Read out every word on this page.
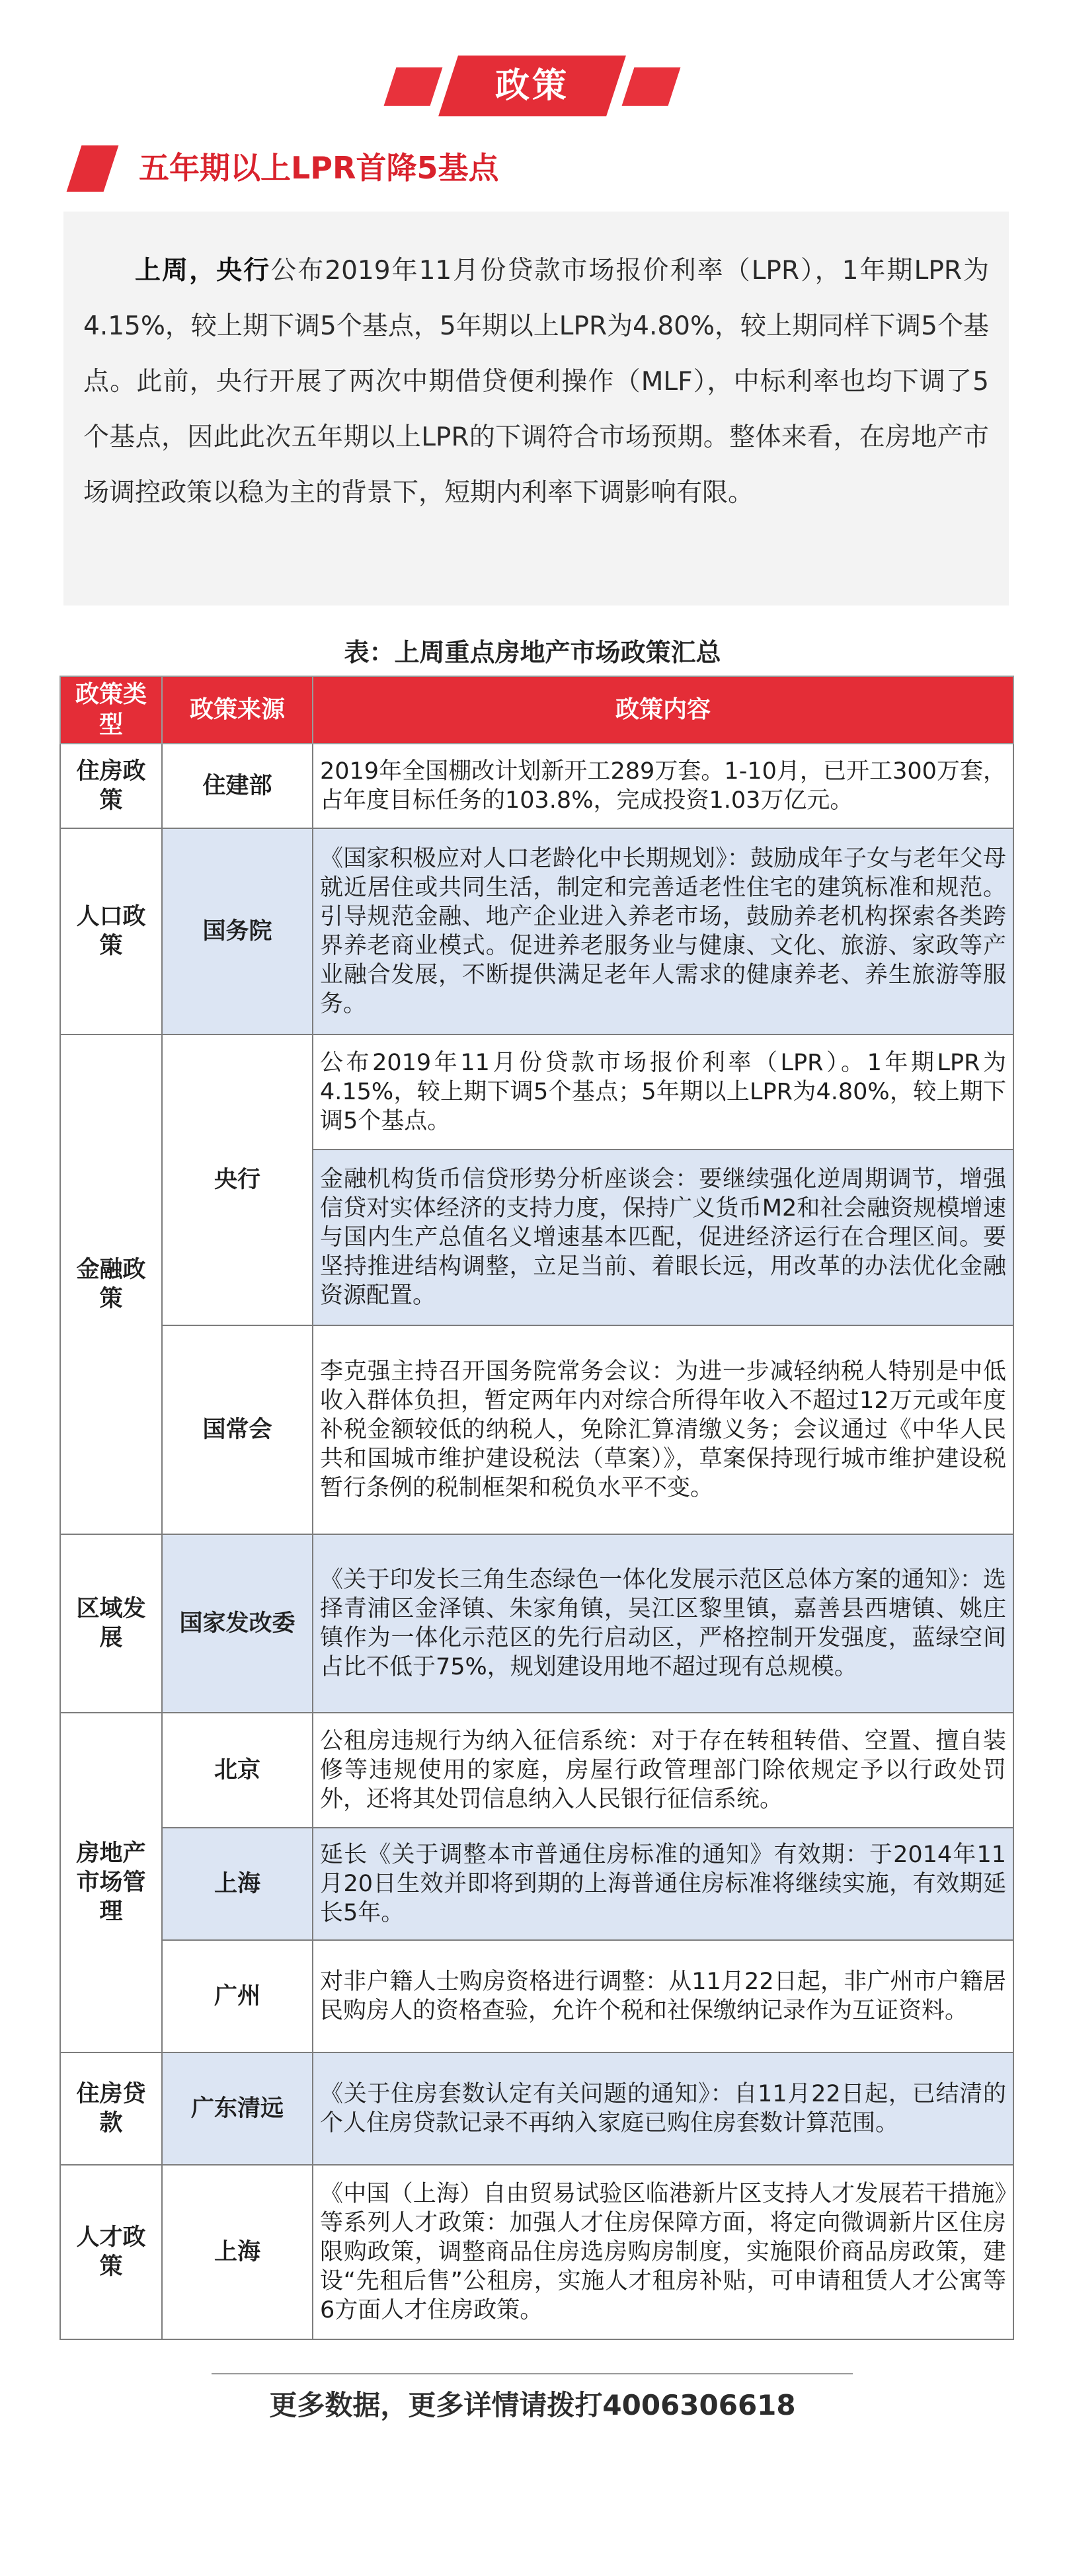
政策
五年期以上LPR首降5基点

上周，央行公布2019年11月份贷款市场报价利率（LPR），1年期LPR为4.15%，较上期下调5个基点，5年期以上LPR为4.80%，较上期同样下调5个基点。此前，央行开展了两次中期借贷便利操作（MLF），中标利率也均下调了5个基点，因此此次五年期以上LPR的下调符合市场预期。整体来看，在房地产市场调控政策以稳为主的背景下，短期内利率下调影响有限。

表：上周重点房地产市场政策汇总
政策类型	政策来源	政策内容
住房政策	住建部	2019年全国棚改计划新开工289万套。1-10月，已开工300万套，占年度目标任务的103.8%，完成投资1.03万亿元。
人口政策	国务院	《国家积极应对人口老龄化中长期规划》：鼓励成年子女与老年父母就近居住或共同生活，制定和完善适老性住宅的建筑标准和规范。引导规范金融、地产企业进入养老市场，鼓励养老机构探索各类跨界养老商业模式。促进养老服务业与健康、文化、旅游、家政等产业融合发展，不断提供满足老年人需求的健康养老、养生旅游等服务。
金融政策	央行	公布2019年11月份贷款市场报价利率（LPR）。1年期LPR为4.15%，较上期下调5个基点；5年期以上LPR为4.80%，较上期下调5个基点。
		金融机构货币信贷形势分析座谈会：要继续强化逆周期调节，增强信贷对实体经济的支持力度，保持广义货币M2和社会融资规模增速与国内生产总值名义增速基本匹配，促进经济运行在合理区间。要坚持推进结构调整，立足当前、着眼长远，用改革的办法优化金融资源配置。
	国常会	李克强主持召开国务院常务会议：为进一步减轻纳税人特别是中低收入群体负担，暂定两年内对综合所得年收入不超过12万元或年度补税金额较低的纳税人，免除汇算清缴义务；会议通过《中华人民共和国城市维护建设税法（草案）》，草案保持现行城市维护建设税暂行条例的税制框架和税负水平不变。
区域发展	国家发改委	《关于印发长三角生态绿色一体化发展示范区总体方案的通知》：选择青浦区金泽镇、朱家角镇，吴江区黎里镇，嘉善县西塘镇、姚庄镇作为一体化示范区的先行启动区，严格控制开发强度，蓝绿空间占比不低于75%，规划建设用地不超过现有总规模。
房地产市场管理	北京	公租房违规行为纳入征信系统：对于存在转租转借、空置、擅自装修等违规使用的家庭，房屋行政管理部门除依规定予以行政处罚外，还将其处罚信息纳入人民银行征信系统。
	上海	延长《关于调整本市普通住房标准的通知》有效期：于2014年11月20日生效并即将到期的上海普通住房标准将继续实施，有效期延长5年。
	广州	对非户籍人士购房资格进行调整：从11月22日起，非广州市户籍居民购房人的资格查验，允许个税和社保缴纳记录作为互证资料。
住房贷款	广东清远	《关于住房套数认定有关问题的通知》：自11月22日起，已结清的个人住房贷款记录不再纳入家庭已购住房套数计算范围。
人才政策	上海	《中国（上海）自由贸易试验区临港新片区支持人才发展若干措施》等系列人才政策：加强人才住房保障方面，将定向微调新片区住房限购政策，调整商品住房选房购房制度，实施限价商品房政策，建设“先租后售”公租房，实施人才租房补贴，可申请租赁人才公寓等6方面人才住房政策。
更多数据，更多详情请拨打4006306618
